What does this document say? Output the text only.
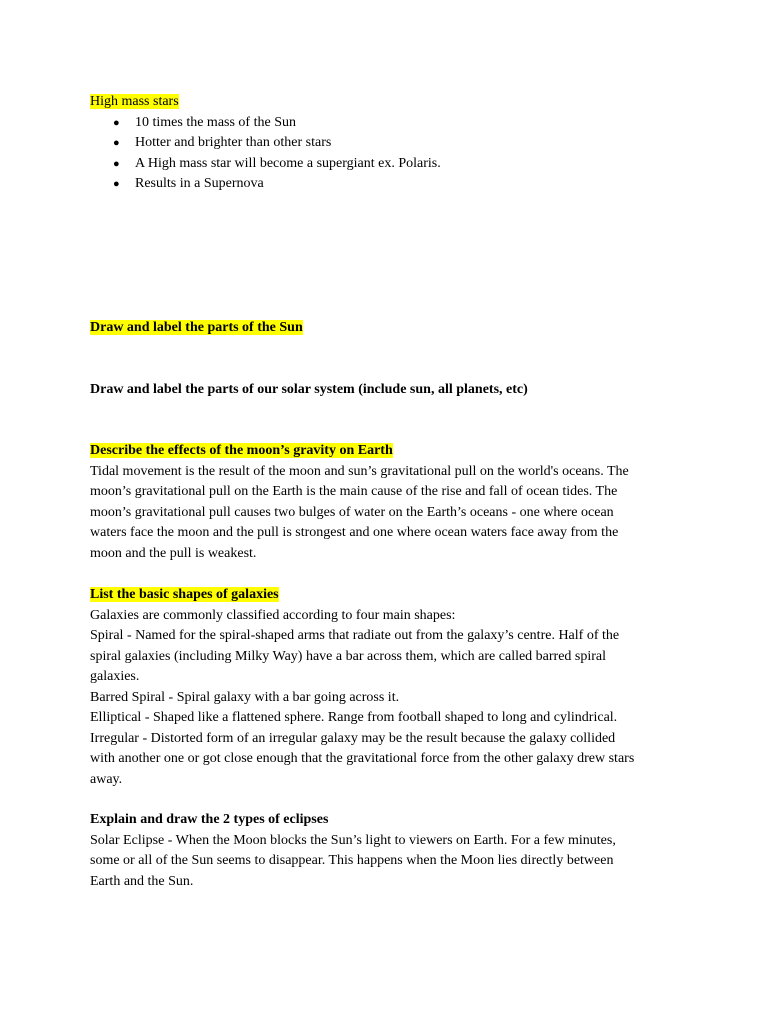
High mass stars
● 10 times the mass of the Sun
● Hotter and brighter than other stars
● A High mass star will become a supergiant ex. Polaris.
● Results in a Supernova
Draw and label the parts of the Sun
Draw and label the parts of our solar system (include sun, all planets, etc)
Describe the effects of the moon’s gravity on Earth

Tidal movement is the result of the moon and sun’s gravitational pull on the world's oceans. The

moon’s gravitational pull on the Earth is the main cause of the rise and fall of ocean tides. The

moon’s gravitational pull causes two bulges of water on the Earth’s oceans - one where ocean

waters face the moon and the pull is strongest and one where ocean waters face away from the

moon and the pull is weakest.

List the basic shapes of galaxies

Galaxies are commonly classified according to four main shapes:

Spiral - Named for the spiral-shaped arms that radiate out from the galaxy’s centre. Half of the

spiral galaxies (including Milky Way) have a bar across them, which are called barred spiral

galaxies.

Barred Spiral - Spiral galaxy with a bar going across it.

Elliptical - Shaped like a flattened sphere. Range from football shaped to long and cylindrical.

Irregular - Distorted form of an irregular galaxy may be the result because the galaxy collided

with another one or got close enough that the gravitational force from the other galaxy drew stars

away.

Explain and draw the 2 types of eclipses

Solar Eclipse - When the Moon blocks the Sun’s light to viewers on Earth. For a few minutes,

some or all of the Sun seems to disappear. This happens when the Moon lies directly between

Earth and the Sun.
